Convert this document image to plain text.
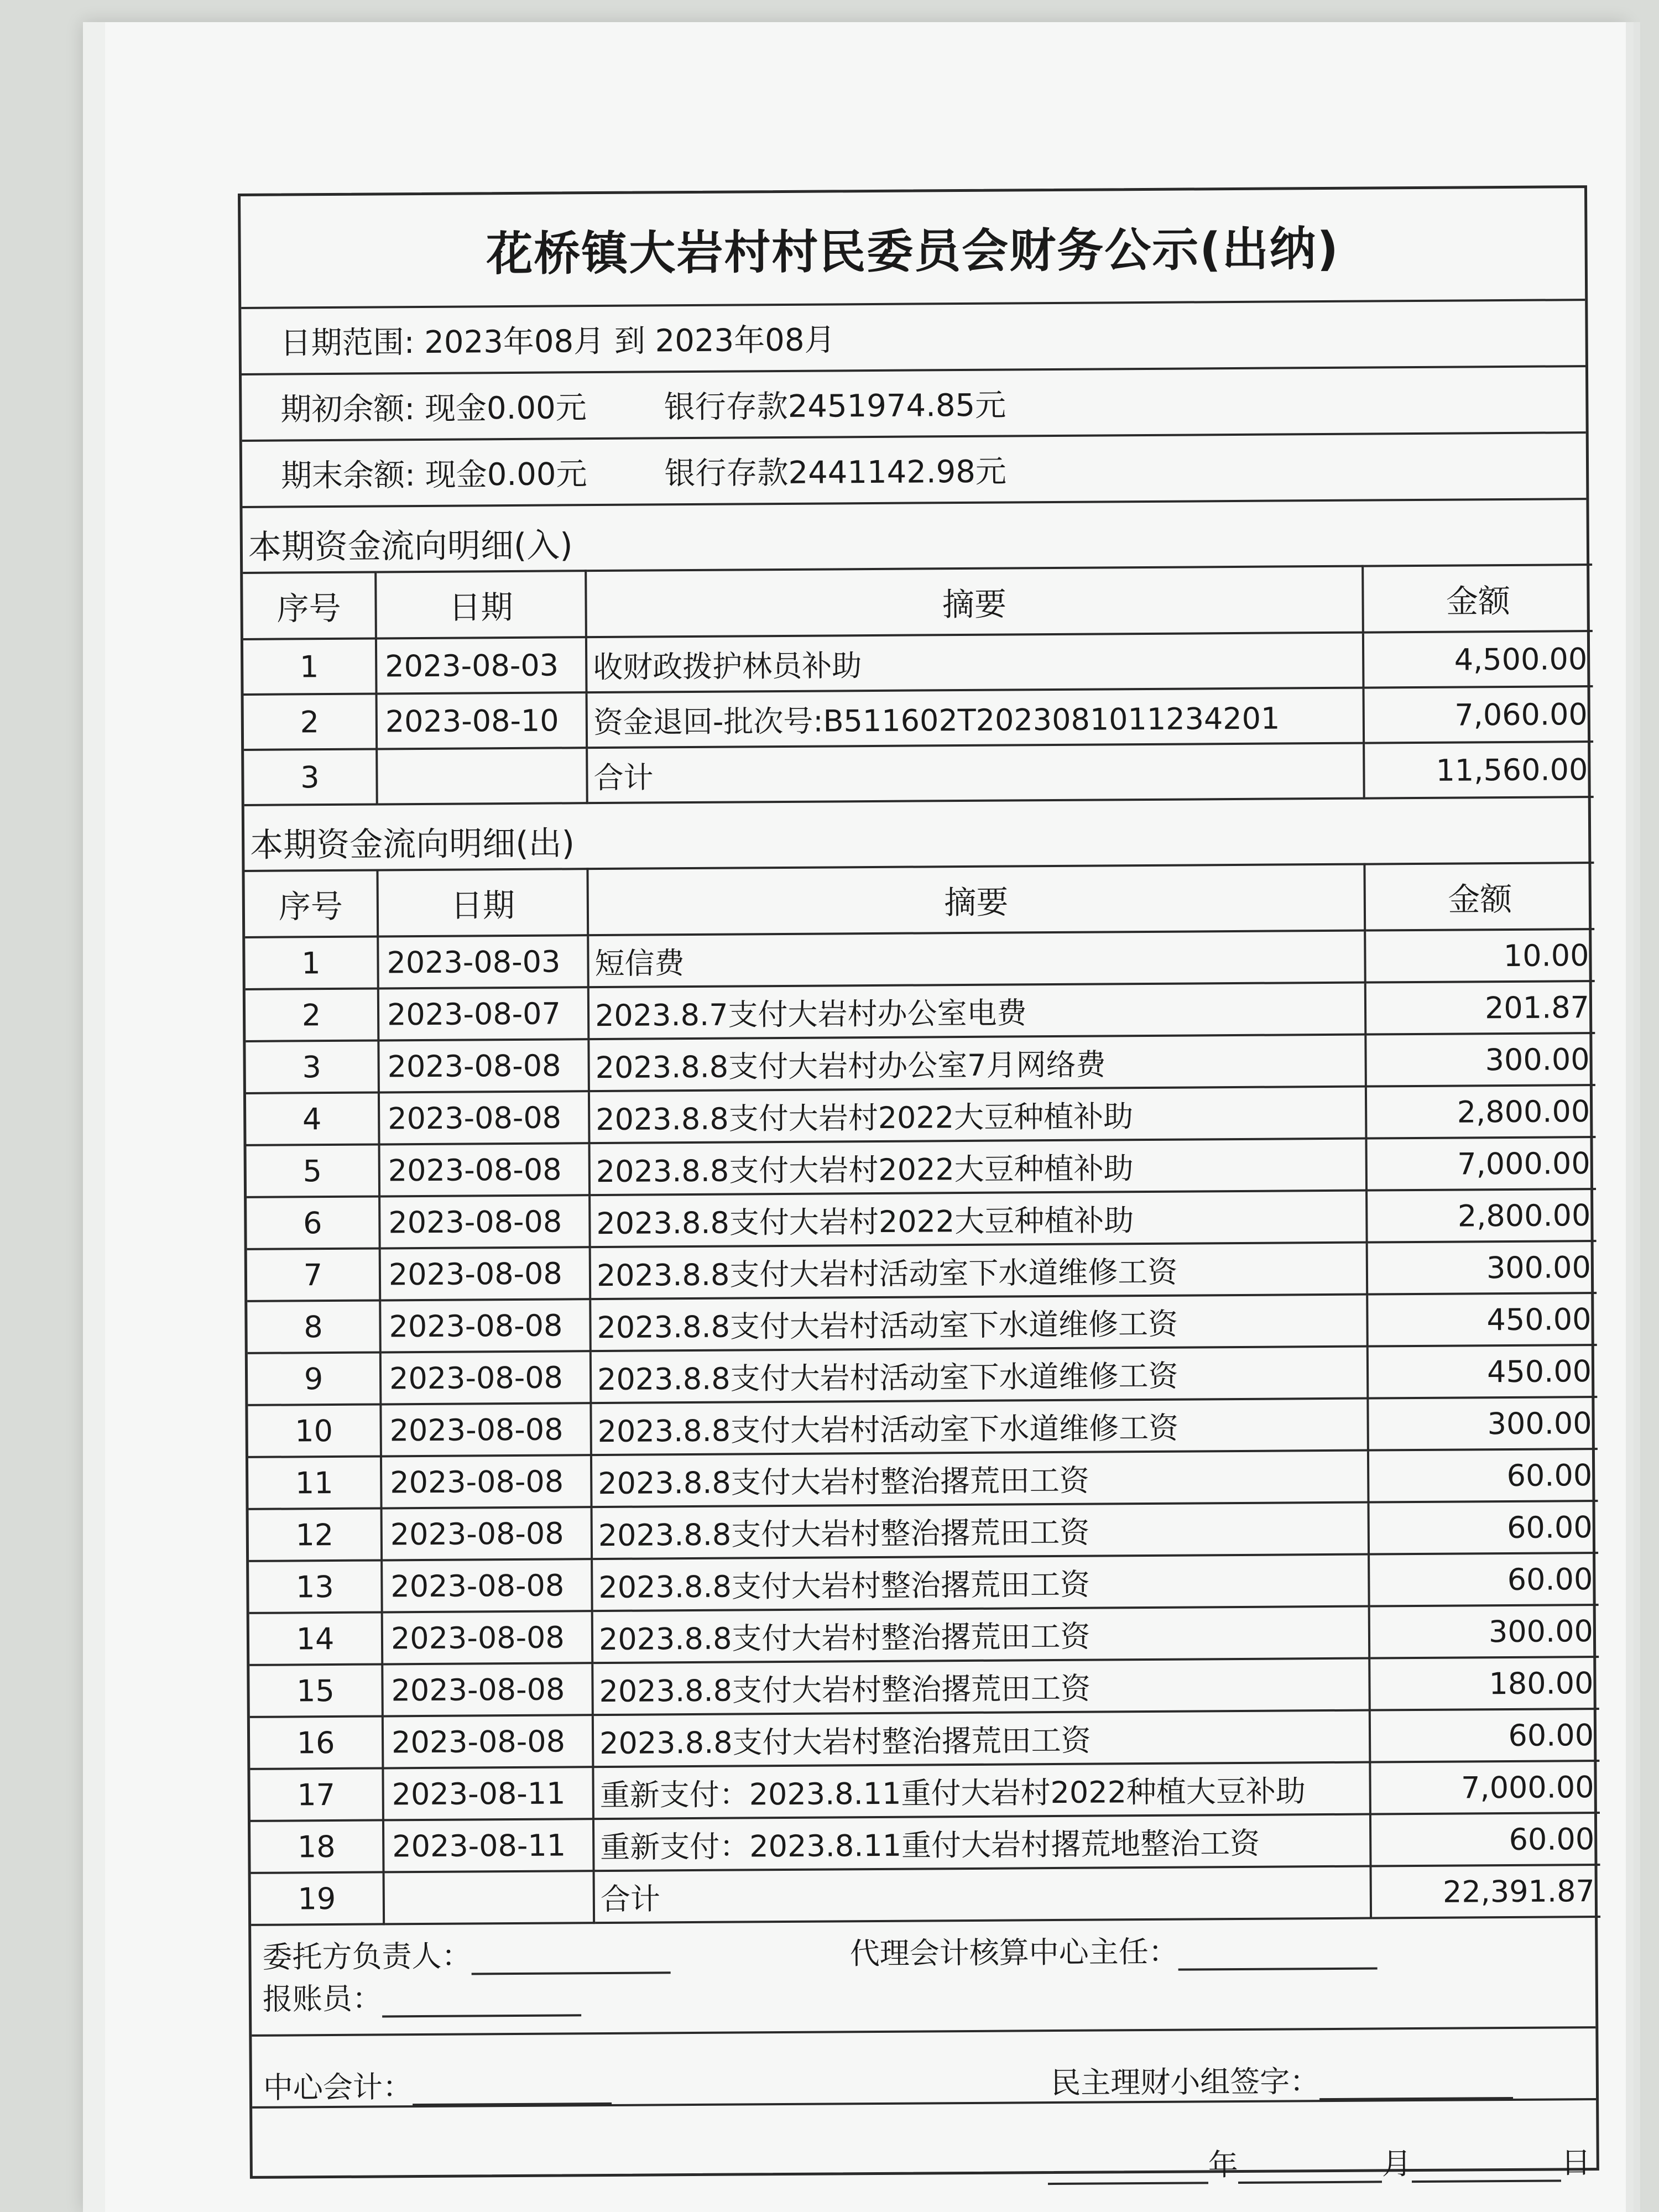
花桥镇大岩村村民委员会财务公示(出纳)
日期范围: 2023年08月 到 2023年08月
期初余额: 现金0.00元 银行存款2451974.85元
期末余额: 现金0.00元 银行存款2441142.98元
本期资金流向明细(入)
序号	日期	摘要	金额
1	2023-08-03	收财政拨护林员补助	4,500.00
2	2023-08-10	资金退回-批次号:B511602T2023081011234201	7,060.00
3		合计	11,560.00
本期资金流向明细(出)
序号	日期	摘要	金额
1	2023-08-03	短信费	10.00
2	2023-08-07	2023.8.7支付大岩村办公室电费	201.87
3	2023-08-08	2023.8.8支付大岩村办公室7月网络费	300.00
4	2023-08-08	2023.8.8支付大岩村2022大豆种植补助	2,800.00
5	2023-08-08	2023.8.8支付大岩村2022大豆种植补助	7,000.00
6	2023-08-08	2023.8.8支付大岩村2022大豆种植补助	2,800.00
7	2023-08-08	2023.8.8支付大岩村活动室下水道维修工资	300.00
8	2023-08-08	2023.8.8支付大岩村活动室下水道维修工资	450.00
9	2023-08-08	2023.8.8支付大岩村活动室下水道维修工资	450.00
10	2023-08-08	2023.8.8支付大岩村活动室下水道维修工资	300.00
11	2023-08-08	2023.8.8支付大岩村整治撂荒田工资	60.00
12	2023-08-08	2023.8.8支付大岩村整治撂荒田工资	60.00
13	2023-08-08	2023.8.8支付大岩村整治撂荒田工资	60.00
14	2023-08-08	2023.8.8支付大岩村整治撂荒田工资	300.00
15	2023-08-08	2023.8.8支付大岩村整治撂荒田工资	180.00
16	2023-08-08	2023.8.8支付大岩村整治撂荒田工资	60.00
17	2023-08-11	重新支付：2023.8.11重付大岩村2022种植大豆补助	7,000.00
18	2023-08-11	重新支付：2023.8.11重付大岩村撂荒地整治工资	60.00
19		合计	22,391.87
委托方负责人：	代理会计核算中心主任：
报账员：
中心会计：	民主理财小组签字：
年	月	日
